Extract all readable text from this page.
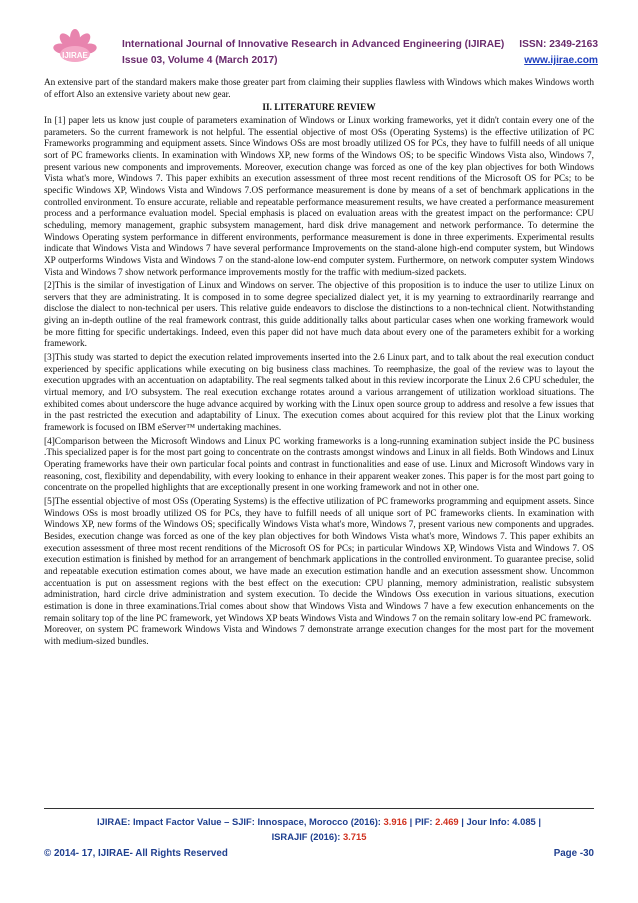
IJIRAE
International Journal of Innovative Research in Advanced Engineering (IJIRAE)
Issue 03, Volume 4 (March 2017)
ISSN: 2349-2163
www.ijirae.com

An extensive part of the standard makers make those greater part from claiming their supplies flawless with Windows which makes Windows worth of effort Also an extensive variety about new gear.

II. LITERATURE REVIEW

In [1] paper lets us know just couple of parameters examination of Windows or Linux working frameworks, yet it didn't contain every one of the parameters. So the current framework is not helpful. The essential objective of most OSs (Operating Systems) is the effective utilization of PC Frameworks programming and equipment assets. Since Windows OSs are most broadly utilized OS for PCs, they have to fulfill needs of all unique sort of PC frameworks clients. In examination with Windows XP, new forms of the Windows OS; to be specific Windows Vista also, Windows 7, present various new components and improvements. Moreover, execution change was forced as one of the key plan objectives for both Windows Vista what's more, Windows 7. This paper exhibits an execution assessment of three most recent renditions of the Microsoft OS for PCs; to be specific Windows XP, Windows Vista and Windows 7.OS performance measurement is done by means of a set of benchmark applications in the controlled environment. To ensure accurate, reliable and repeatable performance measurement results, we have created a performance measurement process and a performance evaluation model. Special emphasis is placed on evaluation areas with the greatest impact on the performance: CPU scheduling, memory management, graphic subsystem management, hard disk drive management and network performance. To determine the Windows Operating system performance in different environments, performance measurement is done in three experiments. Experimental results indicate that Windows Vista and Windows 7 have several performance Improvements on the stand-alone high-end computer system, but Windows XP outperforms Windows Vista and Windows 7 on the stand-alone low-end computer system. Furthermore, on network computer system Windows Vista and Windows 7 show network performance improvements mostly for the traffic with medium-sized packets.

[2]This is the similar of investigation of Linux and Windows on server. The objective of this proposition is to induce the user to utilize Linux on servers that they are administrating. It is composed in to some degree specialized dialect yet, it is my yearning to extraordinarily rearrange and disclose the dialect to non-technical per users. This relative guide endeavors to disclose the distinctions to a non-technical client. Notwithstanding giving an in-depth outline of the real framework contrast, this guide additionally talks about particular cases when one working framework would be more fitting for specific undertakings. Indeed, even this paper did not have much data about every one of the parameters exhibit for a working framework.

[3]This study was started to depict the execution related improvements inserted into the 2.6 Linux part, and to talk about the real execution conduct experienced by specific applications while executing on big business class machines. To reemphasize, the goal of the review was to layout the execution upgrades with an accentuation on adaptability. The real segments talked about in this review incorporate the Linux 2.6 CPU scheduler, the virtual memory, and I/O subsystem. The real execution exchange rotates around a various arrangement of utilization workload situations. The exhibited comes about underscore the huge advance acquired by working with the Linux open source group to address and resolve a few issues that in the past restricted the execution and adaptability of Linux. The execution comes about acquired for this review plot that the Linux working framework is focused on IBM eServer™ undertaking machines.

[4]Comparison between the Microsoft Windows and Linux PC working frameworks is a long-running examination subject inside the PC business .This specialized paper is for the most part going to concentrate on the contrasts amongst windows and Linux in all fields. Both Windows and Linux Operating frameworks have their own particular focal points and contrast in functionalities and ease of use. Linux and Microsoft Windows vary in reasoning, cost, flexibility and dependability, with every looking to enhance in their apparent weaker zones. This paper is for the most part going to concentrate on the propelled highlights that are exceptionally present in one working framework and not in other one.

[5]The essential objective of most OSs (Operating Systems) is the effective utilization of PC frameworks programming and equipment assets. Since Windows OSs is most broadly utilized OS for PCs, they have to fulfill needs of all unique sort of PC frameworks clients. In examination with Windows XP, new forms of the Windows OS; specifically Windows Vista what's more, Windows 7, present various new components and upgrades. Besides, execution change was forced as one of the key plan objectives for both Windows Vista what's more, Windows 7. This paper exhibits an execution assessment of three most recent renditions of the Microsoft OS for PCs; in particular Windows XP, Windows Vista and Windows 7. OS execution estimation is finished by method for an arrangement of benchmark applications in the controlled environment. To guarantee precise, solid and repeatable execution estimation comes about, we have made an execution estimation handle and an execution assessment show. Uncommon accentuation is put on assessment regions with the best effect on the execution: CPU planning, memory administration, realistic subsystem administration, hard circle drive administration and system execution. To decide the Windows Oss execution in various situations, execution estimation is done in three examinations.Trial comes about show that Windows Vista and Windows 7 have a few execution enhancements on the remain solitary top of the line PC framework, yet Windows XP beats Windows Vista and Windows 7 on the remain solitary low-end PC framework.

Moreover, on system PC framework Windows Vista and Windows 7 demonstrate arrange execution changes for the most part for the movement with medium-sized bundles.

IJIRAE: Impact Factor Value – SJIF: Innospace, Morocco (2016): 3.916 | PIF: 2.469 | Jour Info: 4.085 |
ISRAJIF (2016): 3.715
© 2014- 17, IJIRAE- All Rights Reserved	Page -30
